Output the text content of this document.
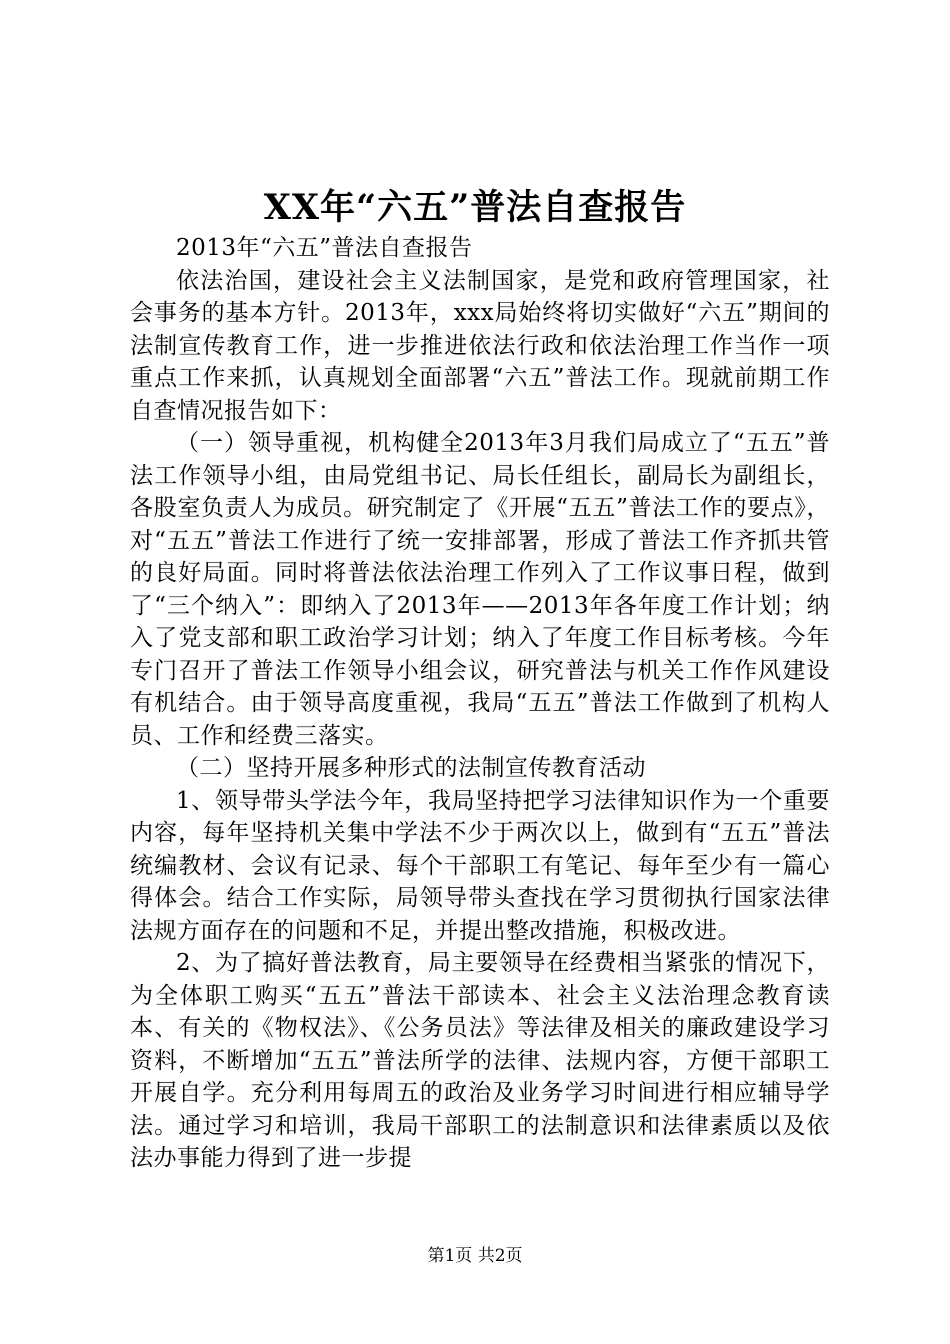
XX年“六五”普法自查报告

2013年“六五”普法自查报告

依法治国，建设社会主义法制国家，是党和政府管理国家，社会事务的基本方针。2013年，xxx局始终将切实做好“六五”期间的法制宣传教育工作，进一步推进依法行政和依法治理工作当作一项重点工作来抓，认真规划全面部署“六五”普法工作。现就前期工作自查情况报告如下：

（一）领导重视，机构健全2013年3月我们局成立了“五五”普法工作领导小组，由局党组书记、局长任组长，副局长为副组长，各股室负责人为成员。研究制定了《开展“五五”普法工作的要点》，对“五五”普法工作进行了统一安排部署，形成了普法工作齐抓共管的良好局面。同时将普法依法治理工作列入了工作议事日程，做到了“三个纳入”：即纳入了2013年——2013年各年度工作计划；纳入了党支部和职工政治学习计划；纳入了年度工作目标考核。今年专门召开了普法工作领导小组会议，研究普法与机关工作作风建设有机结合。由于领导高度重视，我局“五五”普法工作做到了机构人员、工作和经费三落实。

（二）坚持开展多种形式的法制宣传教育活动

1、领导带头学法今年，我局坚持把学习法律知识作为一个重要内容，每年坚持机关集中学法不少于两次以上，做到有“五五”普法统编教材、会议有记录、每个干部职工有笔记、每年至少有一篇心得体会。结合工作实际，局领导带头查找在学习贯彻执行国家法律法规方面存在的问题和不足，并提出整改措施，积极改进。

2、为了搞好普法教育，局主要领导在经费相当紧张的情况下，为全体职工购买“五五”普法干部读本、社会主义法治理念教育读本、有关的《物权法》、《公务员法》等法律及相关的廉政建设学习资料，不断增加“五五”普法所学的法律、法规内容，方便干部职工开展自学。充分利用每周五的政治及业务学习时间进行相应辅导学法。通过学习和培训，我局干部职工的法制意识和法律素质以及依法办事能力得到了进一步提

第1页 共2页
